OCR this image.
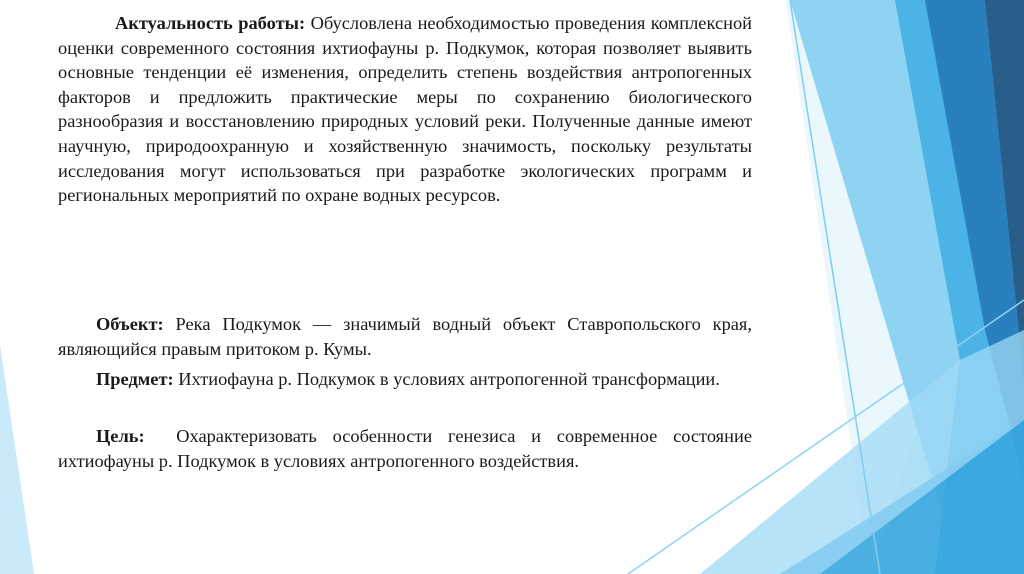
Актуальность работы: Обусловлена необходимостью проведения комплексной оценки современного состояния ихтиофауны р. Подкумок, которая позволяет выявить основные тенденции её изменения, определить степень воздействия антропогенных факторов и предложить практические меры по сохранению биологического разнообразия и восстановлению природных условий реки. Полученные данные имеют научную, природоохранную и хозяйственную значимость, поскольку результаты исследования могут использоваться при разработке экологических программ и региональных мероприятий по охране водных ресурсов.

Объект: Река Подкумок — значимый водный объект Ставропольского края, являющийся правым притоком р. Кумы.

Предмет: Ихтиофауна р. Подкумок в условиях антропогенной трансформации.

Цель:  Охарактеризовать особенности генезиса и современное состояние ихтиофауны р. Подкумок в условиях антропогенного воздействия.
